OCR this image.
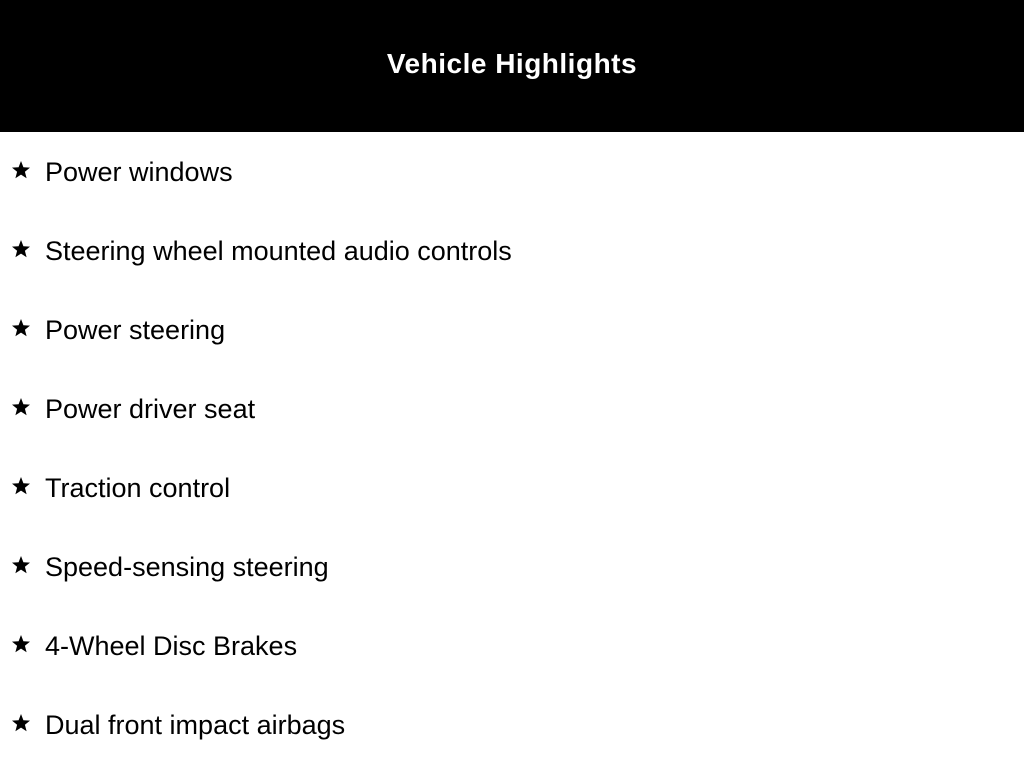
Vehicle Highlights
Power windows
Steering wheel mounted audio controls
Power steering
Power driver seat
Traction control
Speed-sensing steering
4-Wheel Disc Brakes
Dual front impact airbags
